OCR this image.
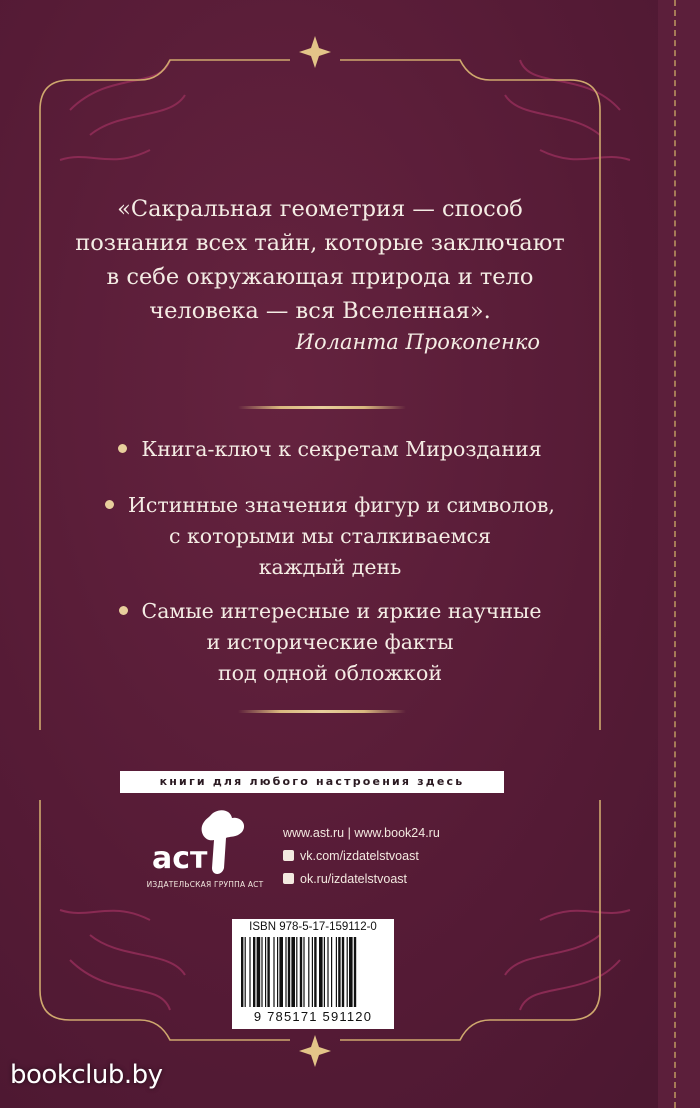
«Сакральная геометрия — способ
познания всех тайн, которые заключают
в себе окружающая природа и тело
человека — вся Вселенная».
Иоланта Прокопенко
Книга-ключ к секретам Мироздания
Истинные значения фигур и символов,
с которыми мы сталкиваемся
каждый день
Самые интересные и яркие научные
и исторические факты
под одной обложкой
книги для любого настроения здесь
аст
ИЗДАТЕЛЬСКАЯ ГРУППА АСТ
www.ast.ru | www.book24.ru
vk.com/izdatelstvoast
ok.ru/izdatelstvoast
ISBN 978-5-17-159112-0
9 785171 591120
bookclub.by
